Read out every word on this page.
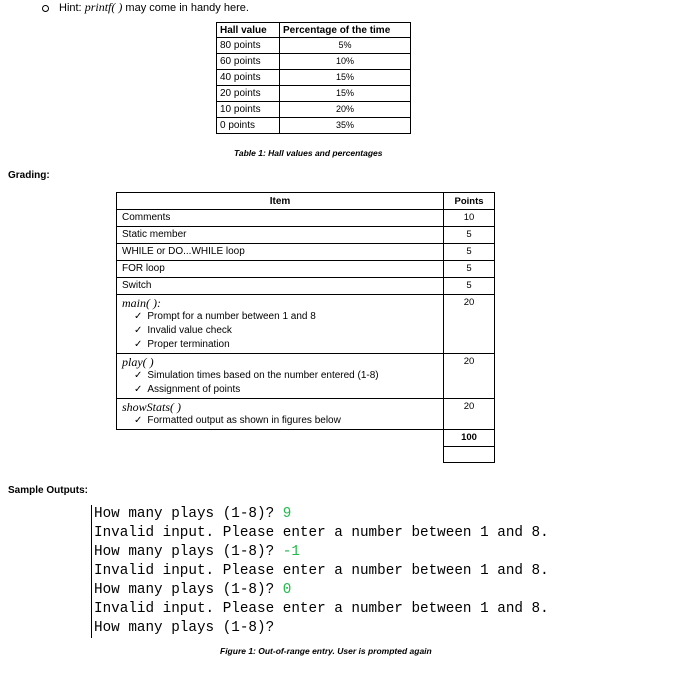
Hint: printf( ) may come in handy here.
Hall value	Percentage of the time
80 points	5%
60 points	10%
40 points	15%
20 points	15%
10 points	20%
0 points	35%
Table 1: Hall values and percentages
Grading:
Item	Points
Comments	10
Static member	5
WHILE or DO...WHILE loop	5
FOR loop	5
Switch	5

main( ):
✓ Prompt for a number between 1 and 8
✓ Invalid value check
✓ Proper termination	20

play( )
✓ Simulation times based on the number entered (1-8)
✓ Assignment of points	20

showStats( )
✓ Formatted output as shown in figures below	20
	100

Sample Outputs:
How many plays (1-8)? 9
Invalid input. Please enter a number between 1 and 8.
How many plays (1-8)? -1
Invalid input. Please enter a number between 1 and 8.
How many plays (1-8)? 0
Invalid input. Please enter a number between 1 and 8.
How many plays (1-8)?
Figure 1: Out-of-range entry. User is prompted again
